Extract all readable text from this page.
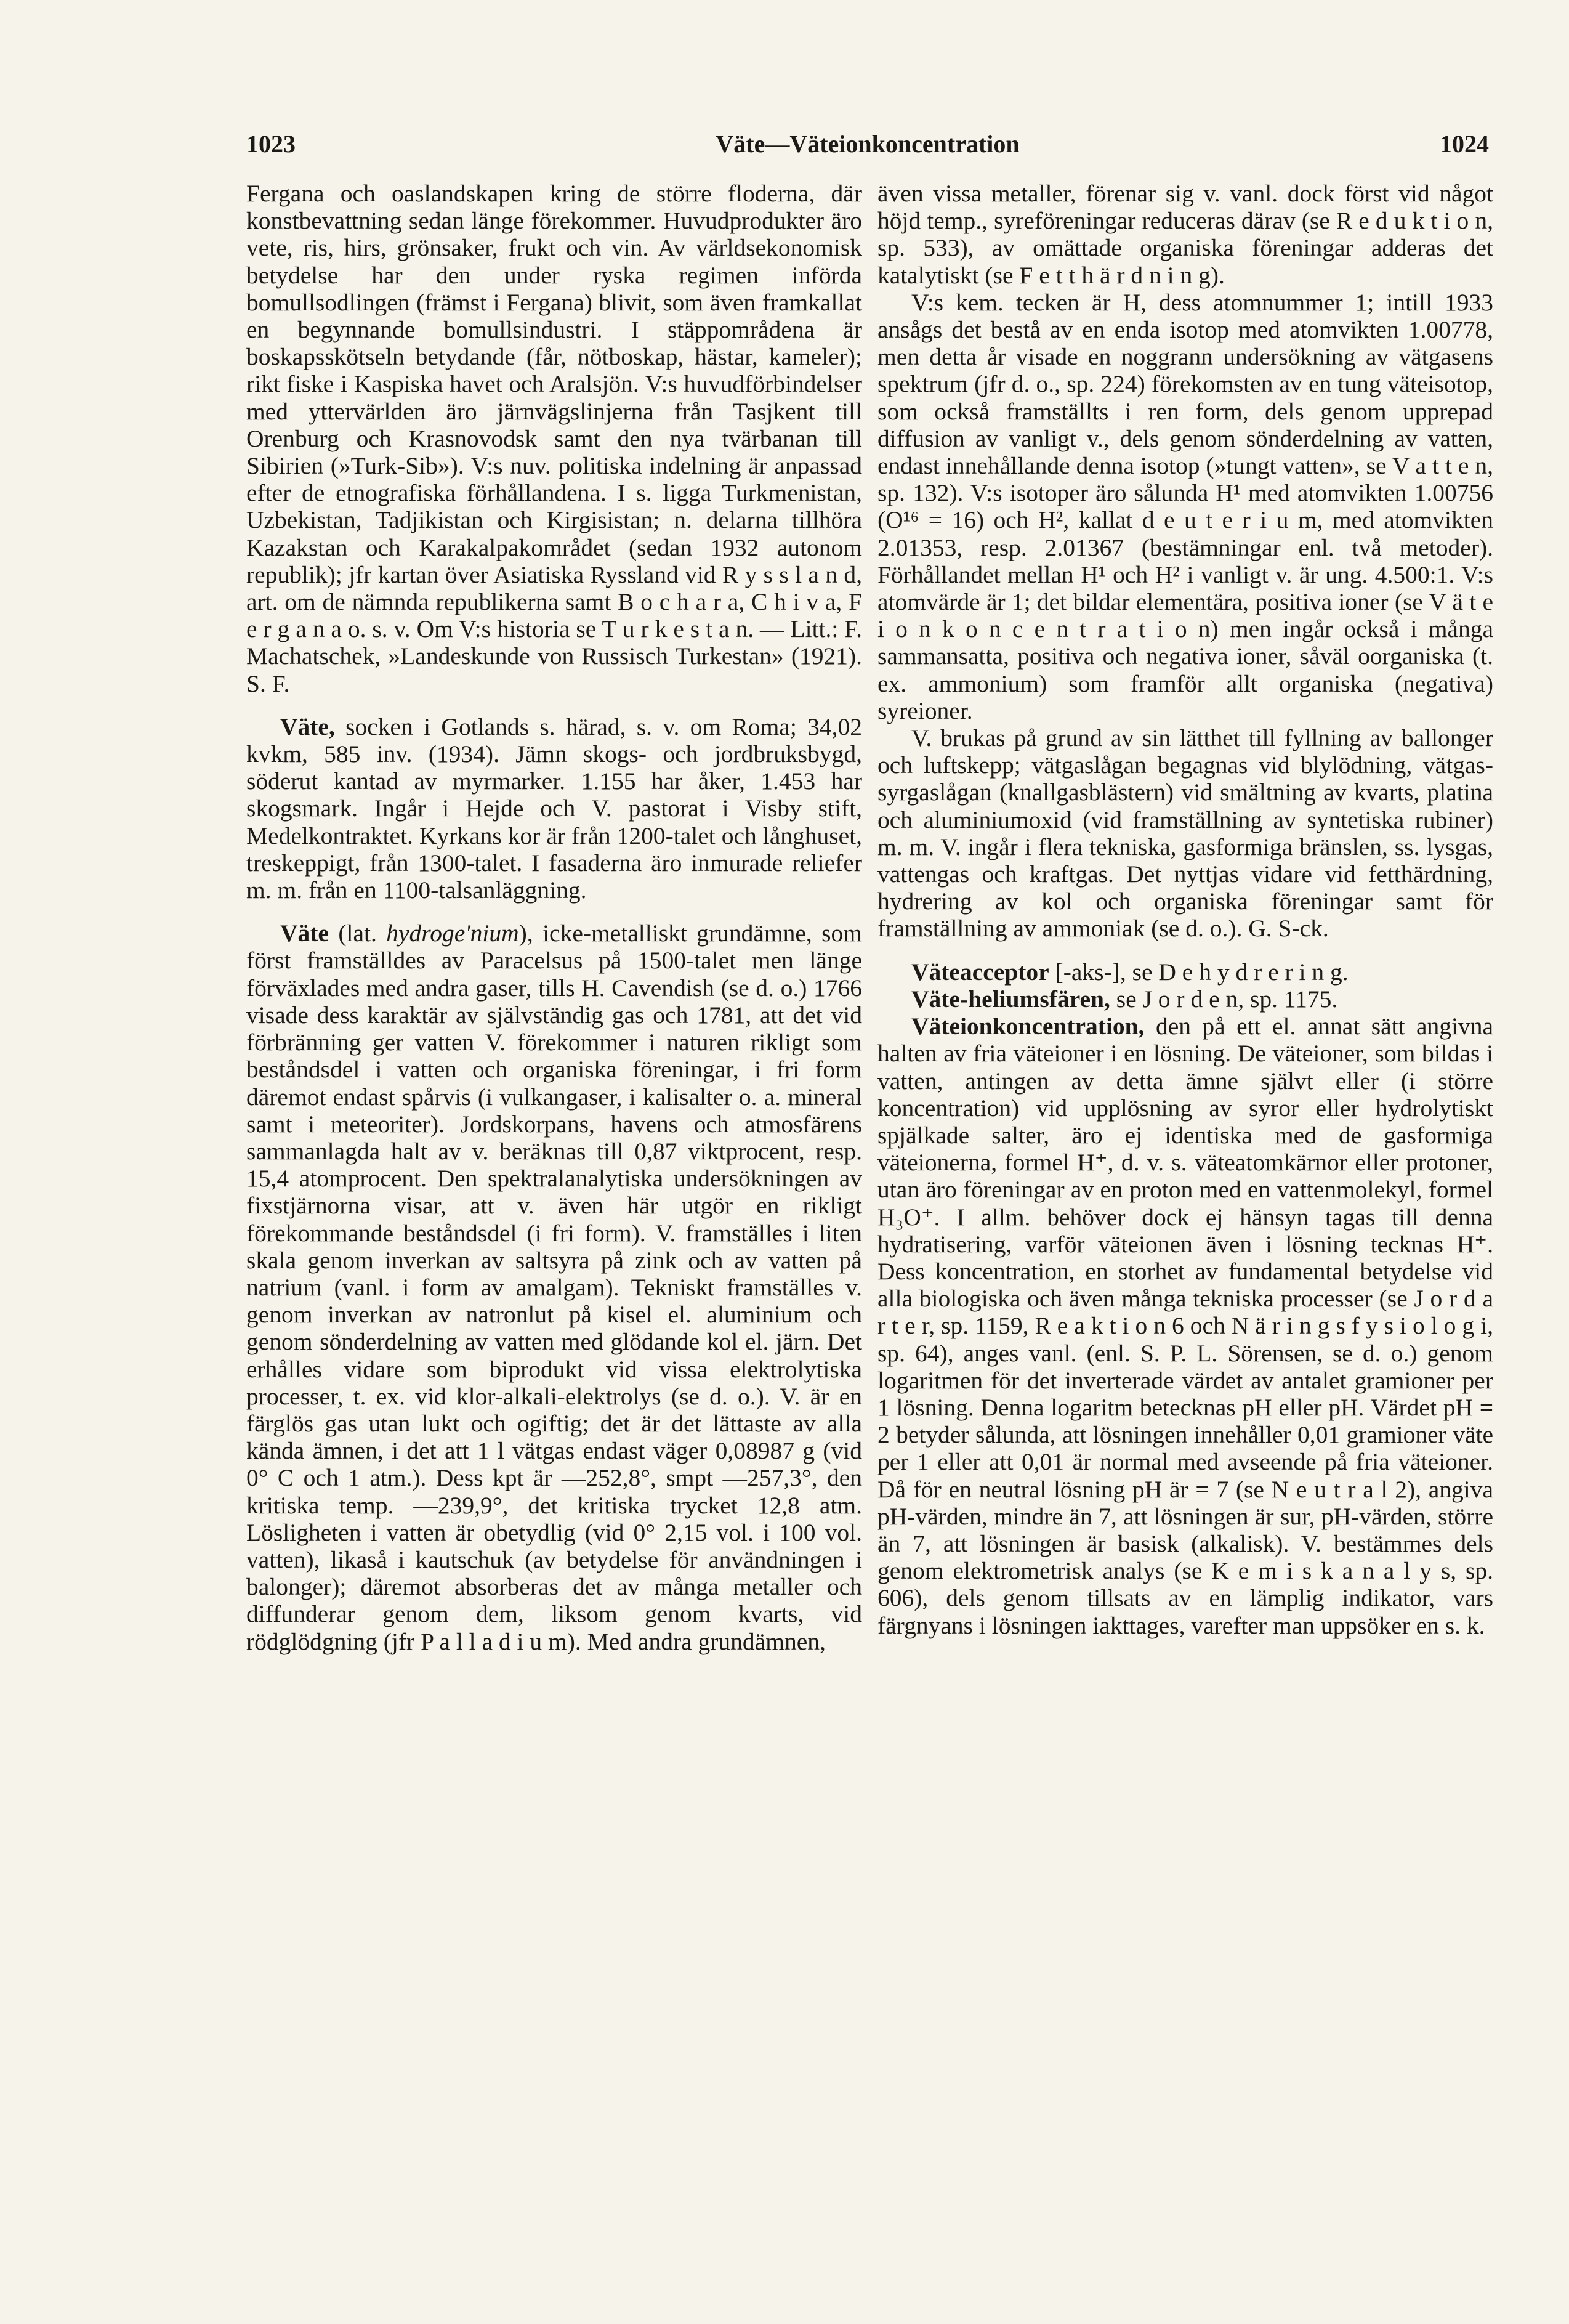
1023	Väte—Väteionkoncentration	1024

Fergana och oaslandskapen kring de större floderna, där konstbevattning sedan länge förekommer. Huvudprodukter äro vete, ris, hirs, grönsaker, frukt och vin. Av världsekonomisk betydelse har den under ryska regimen införda bomullsodlingen (främst i Fergana) blivit, som även framkallat en begynnande bomullsindustri. I stäppområdena är boskapsskötseln betydande (får, nötboskap, hästar, kameler); rikt fiske i Kaspiska havet och Aralsjön. V:s huvudförbindelser med yttervärlden äro järnvägslinjerna från Tasjkent till Orenburg och Krasnovodsk samt den nya tvärbanan till Sibirien (»Turk-Sib»). V:s nuv. politiska indelning är anpassad efter de etnografiska förhållandena. I s. ligga Turkmenistan, Uzbekistan, Tadjikistan och Kirgisistan; n. delarna tillhöra Kazakstan och Karakalpakområdet (sedan 1932 autonom republik); jfr kartan över Asiatiska Ryssland vid R y s s l a n d, art. om de nämnda republikerna samt B o c h a r a, C h i v a, F e r g a n a o. s. v. Om V:s historia se T u r k e s t a n. — Litt.: F. Machatschek, »Landeskunde von Russisch Turkestan» (1921). S. F.

Väte, socken i Gotlands s. härad, s. v. om Roma; 34,02 kvkm, 585 inv. (1934). Jämn skogs- och jordbruksbygd, söderut kantad av myrmarker. 1.155 har åker, 1.453 har skogsmark. Ingår i Hejde och V. pastorat i Visby stift, Medelkontraktet. Kyrkans kor är från 1200-talet och långhuset, treskeppigt, från 1300-talet. I fasaderna äro inmurade reliefer m. m. från en 1100-talsanläggning.

Väte (lat. hydroge'nium), icke-metalliskt grundämne, som först framställdes av Paracelsus på 1500-talet men länge förväxlades med andra gaser, tills H. Cavendish (se d. o.) 1766 visade dess karaktär av självständig gas och 1781, att det vid förbränning ger vatten V. förekommer i naturen rikligt som beståndsdel i vatten och organiska föreningar, i fri form däremot endast spårvis (i vulkangaser, i kalisalter o. a. mineral samt i meteoriter). Jordskorpans, havens och atmosfärens sammanlagda halt av v. beräknas till 0,87 viktprocent, resp. 15,4 atomprocent. Den spektralanalytiska undersökningen av fixstjärnorna visar, att v. även här utgör en rikligt förekommande beståndsdel (i fri form). V. framställes i liten skala genom inverkan av saltsyra på zink och av vatten på natrium (vanl. i form av amalgam). Tekniskt framställes v. genom inverkan av natronlut på kisel el. aluminium och genom sönderdelning av vatten med glödande kol el. järn. Det erhålles vidare som biprodukt vid vissa elektrolytiska processer, t. ex. vid klor-alkali-elektrolys (se d. o.). V. är en färglös gas utan lukt och ogiftig; det är det lättaste av alla kända ämnen, i det att 1 l vätgas endast väger 0,08987 g (vid 0° C och 1 atm.). Dess kpt är —252,8°, smpt —257,3°, den kritiska temp. —239,9°, det kritiska trycket 12,8 atm. Lösligheten i vatten är obetydlig (vid 0° 2,15 vol. i 100 vol. vatten), likaså i kautschuk (av betydelse för användningen i balonger); däremot absorberas det av många metaller och diffunderar genom dem, liksom genom kvarts, vid rödglödgning (jfr P a l l a d i u m). Med andra grundämnen,

även vissa metaller, förenar sig v. vanl. dock först vid något höjd temp., syreföreningar reduceras därav (se R e d u k t i o n, sp. 533), av omättade organiska föreningar adderas det katalytiskt (se F e t t h ä r d n i n g).

V:s kem. tecken är H, dess atomnummer 1; intill 1933 ansågs det bestå av en enda isotop med atomvikten 1.00778, men detta år visade en noggrann undersökning av vätgasens spektrum (jfr d. o., sp. 224) förekomsten av en tung väteisotop, som också framställts i ren form, dels genom upprepad diffusion av vanligt v., dels genom sönderdelning av vatten, endast innehållande denna isotop (»tungt vatten», se V a t t e n, sp. 132). V:s isotoper äro sålunda H¹ med atomvikten 1.00756 (O¹⁶ = 16) och H², kallat d e u t e r i u m, med atomvikten 2.01353, resp. 2.01367 (bestämningar enl. två metoder). Förhållandet mellan H¹ och H² i vanligt v. är ung. 4.500:1. V:s atomvärde är 1; det bildar elementära, positiva ioner (se V ä t e i o n k o n c e n t r a t i o n) men ingår också i många sammansatta, positiva och negativa ioner, såväl oorganiska (t. ex. ammonium) som framför allt organiska (negativa) syreioner.

V. brukas på grund av sin lätthet till fyllning av ballonger och luftskepp; vätgaslågan begagnas vid blylödning, vätgas-syrgaslågan (knallgasblästern) vid smältning av kvarts, platina och aluminiumoxid (vid framställning av syntetiska rubiner) m. m. V. ingår i flera tekniska, gasformiga bränslen, ss. lysgas, vattengas och kraftgas. Det nyttjas vidare vid fetthärdning, hydrering av kol och organiska föreningar samt för framställning av ammoniak (se d. o.). G. S-ck.

Väteacceptor [-aks-], se D e h y d r e r i n g.

Väte-heliumsfären, se J o r d e n, sp. 1175.

Väteionkoncentration, den på ett el. annat sätt angivna halten av fria väteioner i en lösning. De väteioner, som bildas i vatten, antingen av detta ämne självt eller (i större koncentration) vid upplösning av syror eller hydrolytiskt spjälkade salter, äro ej identiska med de gasformiga väteionerna, formel H⁺, d. v. s. väteatomkärnor eller protoner, utan äro föreningar av en proton med en vattenmolekyl, formel H₃O⁺. I allm. behöver dock ej hänsyn tagas till denna hydratisering, varför väteionen även i lösning tecknas H⁺. Dess koncentration, en storhet av fundamental betydelse vid alla biologiska och även många tekniska processer (se J o r d a r t e r, sp. 1159, R e a k t i o n 6 och N ä r i n g s f y s i o l o g i, sp. 64), anges vanl. (enl. S. P. L. Sörensen, se d. o.) genom logaritmen för det inverterade värdet av antalet gramioner per 1 lösning. Denna logaritm betecknas pH eller pH. Värdet pH = 2 betyder sålunda, att lösningen innehåller 0,01 gramioner väte per 1 eller att 0,01 är normal med avseende på fria väteioner. Då för en neutral lösning pH är = 7 (se N e u t r a l 2), angiva pH-värden, mindre än 7, att lösningen är sur, pH-värden, större än 7, att lösningen är basisk (alkalisk). V. bestämmes dels genom elektrometrisk analys (se K e m i s k a n a l y s, sp. 606), dels genom tillsats av en lämplig indikator, vars färgnyans i lösningen iakttages, varefter man uppsöker en s. k.
